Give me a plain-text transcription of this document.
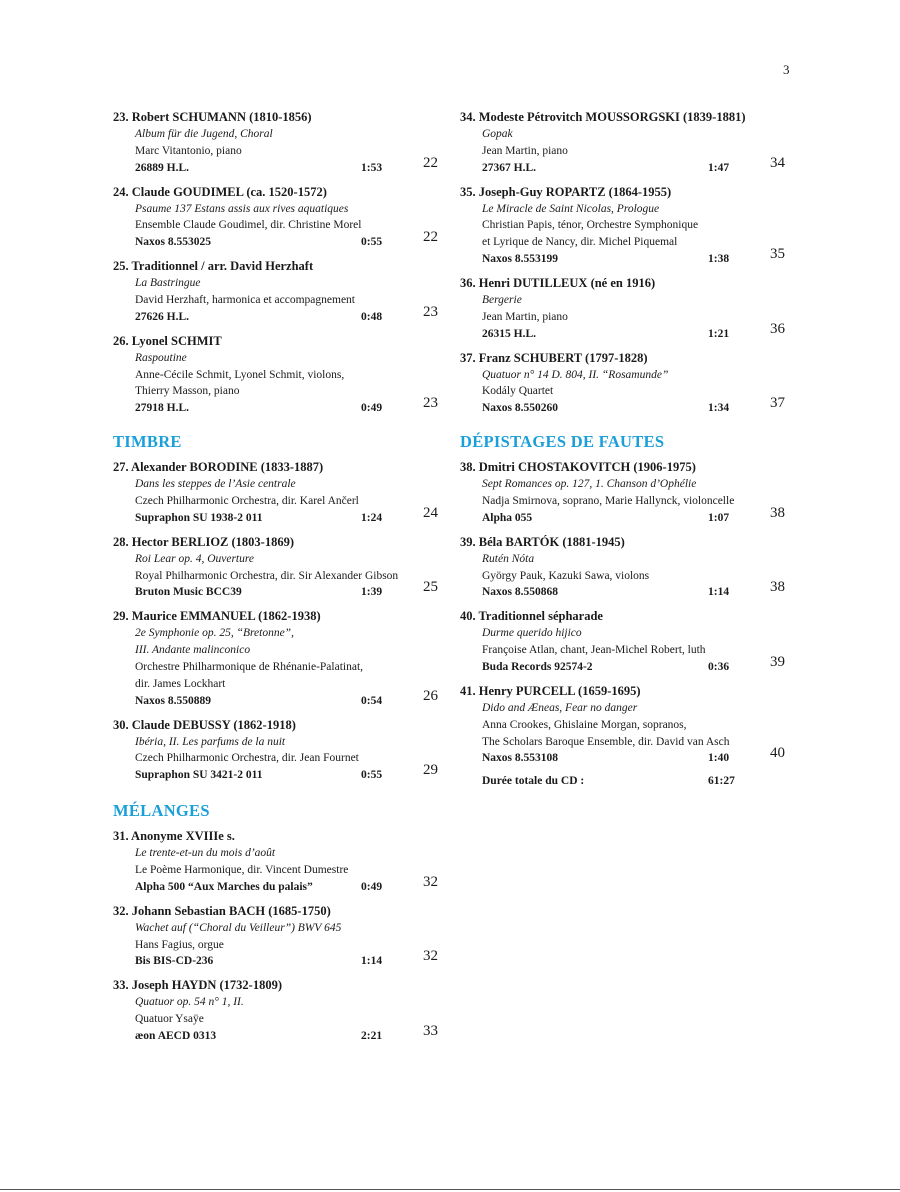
3
23. Robert SCHUMANN (1810-1856)
Album für die Jugend, Choral
Marc Vitantonio, piano
26889 H.L.	1:53	22
24. Claude GOUDIMEL (ca. 1520-1572)
Psaume 137 Estans assis aux rives aquatiques
Ensemble Claude Goudimel, dir. Christine Morel
Naxos 8.553025	0:55	22
25. Traditionnel / arr. David Herzhaft
La Bastringue
David Herzhaft, harmonica et accompagnement
27626 H.L.	0:48	23
26. Lyonel SCHMIT
Raspoutine
Anne-Cécile Schmit, Lyonel Schmit, violons,
Thierry Masson, piano
27918 H.L.	0:49	23
TIMBRE
27. Alexander BORODINE (1833-1887)
Dans les steppes de l’Asie centrale
Czech Philharmonic Orchestra, dir. Karel Ančerl
Supraphon SU 1938-2 011	1:24	24
28. Hector BERLIOZ (1803-1869)
Roi Lear op. 4, Ouverture
Royal Philharmonic Orchestra, dir. Sir Alexander Gibson
Bruton Music BCC39	1:39	25
29. Maurice EMMANUEL (1862-1938)
2e Symphonie op. 25, “Bretonne”,
III. Andante malinconico
Orchestre Philharmonique de Rhénanie-Palatinat,
dir. James Lockhart
Naxos 8.550889	0:54	26
30. Claude DEBUSSY (1862-1918)
Ibéria, II. Les parfums de la nuit
Czech Philharmonic Orchestra, dir. Jean Fournet
Supraphon SU 3421-2 011	0:55	29
MÉLANGES
31. Anonyme XVIIIe s.
Le trente-et-un du mois d’août
Le Poème Harmonique, dir. Vincent Dumestre
Alpha 500 “Aux Marches du palais”	0:49	32
32. Johann Sebastian BACH (1685-1750)
Wachet auf (“Choral du Veilleur”) BWV 645
Hans Fagius, orgue
Bis BIS-CD-236	1:14	32
33. Joseph HAYDN (1732-1809)
Quatuor op. 54 n° 1, II.
Quatuor Ysaÿe
æon AECD 0313	2:21	33
34. Modeste Pétrovitch MOUSSORGSKI (1839-1881)
Gopak
Jean Martin, piano
27367 H.L.	1:47	34
35. Joseph-Guy ROPARTZ (1864-1955)
Le Miracle de Saint Nicolas, Prologue
Christian Papis, ténor, Orchestre Symphonique
et Lyrique de Nancy, dir. Michel Piquemal
Naxos 8.553199	1:38	35
36. Henri DUTILLEUX (né en 1916)
Bergerie
Jean Martin, piano
26315 H.L.	1:21	36
37. Franz SCHUBERT (1797-1828)
Quatuor n° 14 D. 804, II. “Rosamunde”
Kodály Quartet
Naxos 8.550260	1:34	37
DÉPISTAGES DE FAUTES
38. Dmitri CHOSTAKOVITCH (1906-1975)
Sept Romances op. 127, 1. Chanson d’Ophélie
Nadja Smirnova, soprano, Marie Hallynck, violoncelle
Alpha 055	1:07	38
39. Béla BARTÓK (1881-1945)
Rutén Nóta
György Pauk, Kazuki Sawa, violons
Naxos 8.550868	1:14	38
40. Traditionnel sépharade
Durme querido hijico
Françoise Atlan, chant, Jean-Michel Robert, luth
Buda Records 92574-2	0:36	39
41. Henry PURCELL (1659-1695)
Dido and Æneas, Fear no danger
Anna Crookes, Ghislaine Morgan, sopranos,
The Scholars Baroque Ensemble, dir. David van Asch
Naxos 8.553108	1:40	40
Durée totale du CD :	61:27
